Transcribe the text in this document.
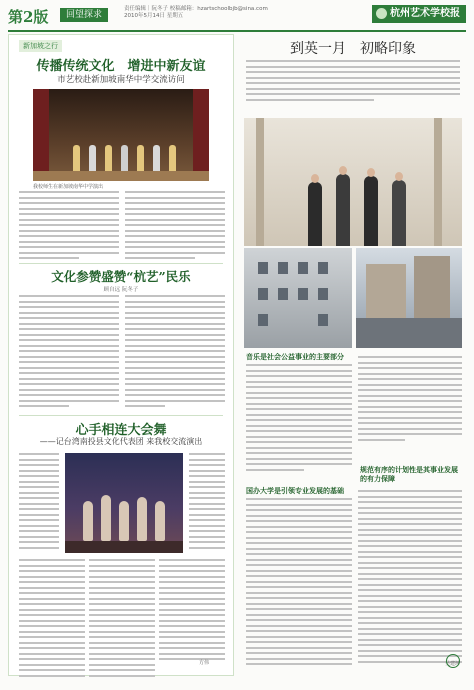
第2版	回望探求
责任编辑｜阮冬子 校稿邮箱：hzartschoolbjb@sina.com
2010年5月14日 星期五	杭州艺术学校报
新加坡之行
传播传统文化　增进中新友谊
市艺校赴新加坡南华中学交流访问
我校师生在新加坡南华中学演出
文化参赞盛赞“杭艺”民乐
顾自远 阮冬子
心手相连大会舞
——记台湾南投县文化代表团 来我校交流演出
方伟
到英一月　初略印象
音乐是社会公益事业的主要部分
规范有序的计划性是其事业发展的有力保障
国办大学是引领专业发展的基础
吴建坤
